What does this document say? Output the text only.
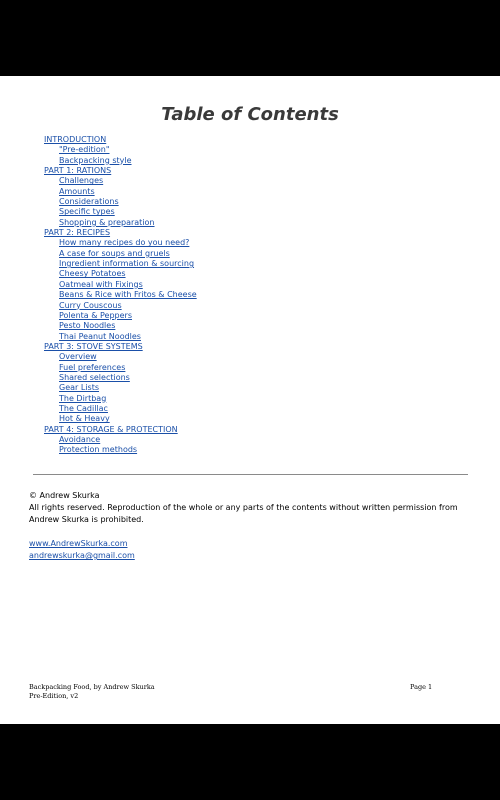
Table of Contents
INTRODUCTION
"Pre-edition"
Backpacking style
PART 1: RATIONS
Challenges
Amounts
Considerations
Specific types
Shopping & preparation
PART 2: RECIPES
How many recipes do you need?
A case for soups and gruels
Ingredient information & sourcing
Cheesy Potatoes
Oatmeal with Fixings
Beans & Rice with Fritos & Cheese
Curry Couscous
Polenta & Peppers
Pesto Noodles
Thai Peanut Noodles
PART 3: STOVE SYSTEMS
Overview
Fuel preferences
Shared selections
Gear Lists
The Dirtbag
The Cadillac
Hot & Heavy
PART 4: STORAGE & PROTECTION
Avoidance
Protection methods
© Andrew Skurka
All rights reserved. Reproduction of the whole or any parts of the contents without written permission from Andrew Skurka is prohibited.
www.AndrewSkurka.com
andrewskurka@gmail.com
Backpacking Food, by Andrew Skurka
Pre-Edition, v2
Page 1
